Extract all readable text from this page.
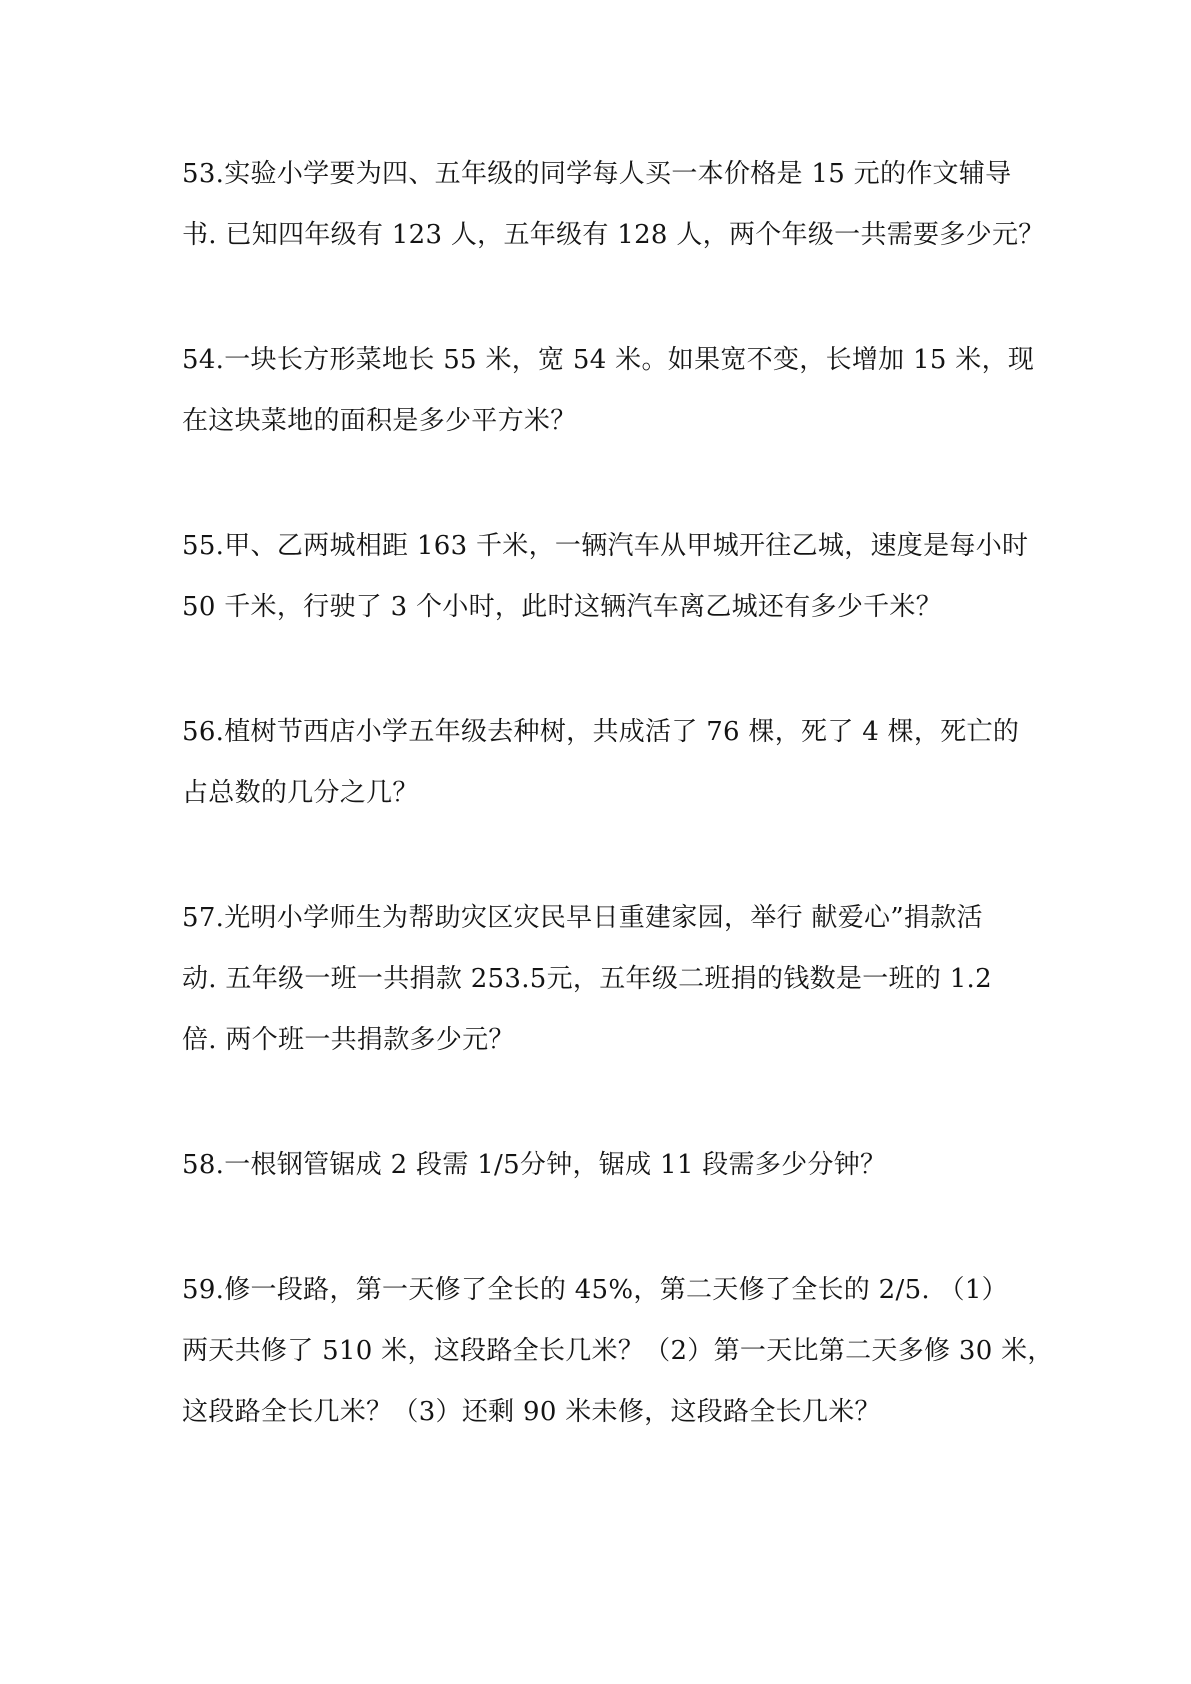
53.实验小学要为四、五年级的同学每人买一本价格是 15 元的作文辅导
书. 已知四年级有 123 人，五年级有 128 人，两个年级一共需要多少元？
54.一块长方形菜地长 55 米，宽 54 米。如果宽不变，长增加 15 米，现
在这块菜地的面积是多少平方米？
55.甲、乙两城相距 163 千米，一辆汽车从甲城开往乙城，速度是每小时
50 千米，行驶了 3 个小时，此时这辆汽车离乙城还有多少千米？
56.植树节西店小学五年级去种树，共成活了 76 棵，死了 4 棵，死亡的
占总数的几分之几？
57.光明小学师生为帮助灾区灾民早日重建家园，举行 献爱心”捐款活
动. 五年级一班一共捐款 253.5元，五年级二班捐的钱数是一班的 1.2
倍. 两个班一共捐款多少元？
58.一根钢管锯成 2 段需 1/5分钟，锯成 11 段需多少分钟？
59.修一段路，第一天修了全长的 45%，第二天修了全长的 2/5. （1）
两天共修了 510 米，这段路全长几米？（2）第一天比第二天多修 30 米，
这段路全长几米？（3）还剩 90 米未修，这段路全长几米？
